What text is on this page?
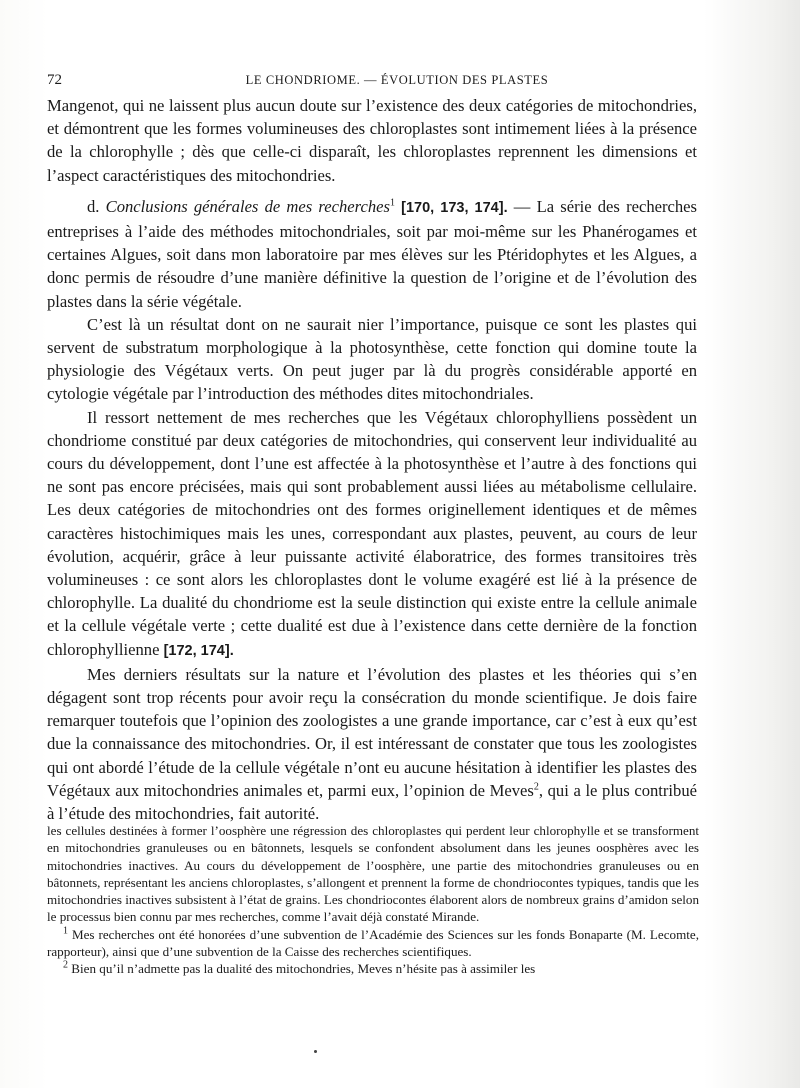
72	LE CHONDRIOME. — ÉVOLUTION DES PLASTES

Mangenot, qui ne laissent plus aucun doute sur l’existence des deux catégories de mitochondries, et démontrent que les formes volumineuses des chloroplastes sont intimement liées à la présence de la chlorophylle ; dès que celle-ci disparaît, les chloroplastes reprennent les dimensions et l’aspect caractéristiques des mitochondries.

d. Conclusions générales de mes recherches$^1$ [170, 173, 174]. — La série des recherches entreprises à l’aide des méthodes mitochondriales, soit par moi-même sur les Phanérogames et certaines Algues, soit dans mon laboratoire par mes élèves sur les Ptéridophytes et les Algues, a donc permis de résoudre d’une manière définitive la question de l’origine et de l’évolution des plastes dans la série végétale.

C’est là un résultat dont on ne saurait nier l’importance, puisque ce sont les plastes qui servent de substratum morphologique à la photosynthèse, cette fonction qui domine toute la physiologie des Végétaux verts. On peut juger par là du progrès considérable apporté en cytologie végétale par l’introduction des méthodes dites mitochondriales.

Il ressort nettement de mes recherches que les Végétaux chlorophylliens possèdent un chondriome constitué par deux catégories de mitochondries, qui conservent leur individualité au cours du développement, dont l’une est affectée à la photosynthèse et l’autre à des fonctions qui ne sont pas encore précisées, mais qui sont probablement aussi liées au métabolisme cellulaire. Les deux catégories de mitochondries ont des formes originellement identiques et de mêmes caractères histochimiques mais les unes, correspondant aux plastes, peuvent, au cours de leur évolution, acquérir, grâce à leur puissante activité élaboratrice, des formes transitoires très volumineuses : ce sont alors les chloroplastes dont le volume exagéré est lié à la présence de chlorophylle. La dualité du chondriome est la seule distinction qui existe entre la cellule animale et la cellule végétale verte ; cette dualité est due à l’existence dans cette dernière de la fonction chlorophyllienne [172, 174].

Mes derniers résultats sur la nature et l’évolution des plastes et les théories qui s’en dégagent sont trop récents pour avoir reçu la consécration du monde scientifique. Je dois faire remarquer toutefois que l’opinion des zoologistes a une grande importance, car c’est à eux qu’est due la connaissance des mitochondries. Or, il est intéressant de constater que tous les zoologistes qui ont abordé l’étude de la cellule végétale n’ont eu aucune hésitation à identifier les plastes des Végétaux aux mitochondries animales et, parmi eux, l’opinion de Meves$^2$, qui a le plus contribué à l’étude des mitochondries, fait autorité.

les cellules destinées à former l’oosphère une régression des chloroplastes qui perdent leur chlorophylle et se transforment en mitochondries granuleuses ou en bâtonnets, lesquels se confondent absolument dans les jeunes oosphères avec les mitochondries inactives. Au cours du développement de l’oosphère, une partie des mitochondries granuleuses ou en bâtonnets, représentant les anciens chloroplastes, s’allongent et prennent la forme de chondriocontes typiques, tandis que les mitochondries inactives subsistent à l’état de grains. Les chondriocontes élaborent alors de nombreux grains d’amidon selon le processus bien connu par mes recherches, comme l’avait déjà constaté Mirande.

$^1$ Mes recherches ont été honorées d’une subvention de l’Académie des Sciences sur les fonds Bonaparte (M. Lecomte, rapporteur), ainsi que d’une subvention de la Caisse des recherches scientifiques.

$^2$ Bien qu’il n’admette pas la dualité des mitochondries, Meves n’hésite pas à assimiler les
